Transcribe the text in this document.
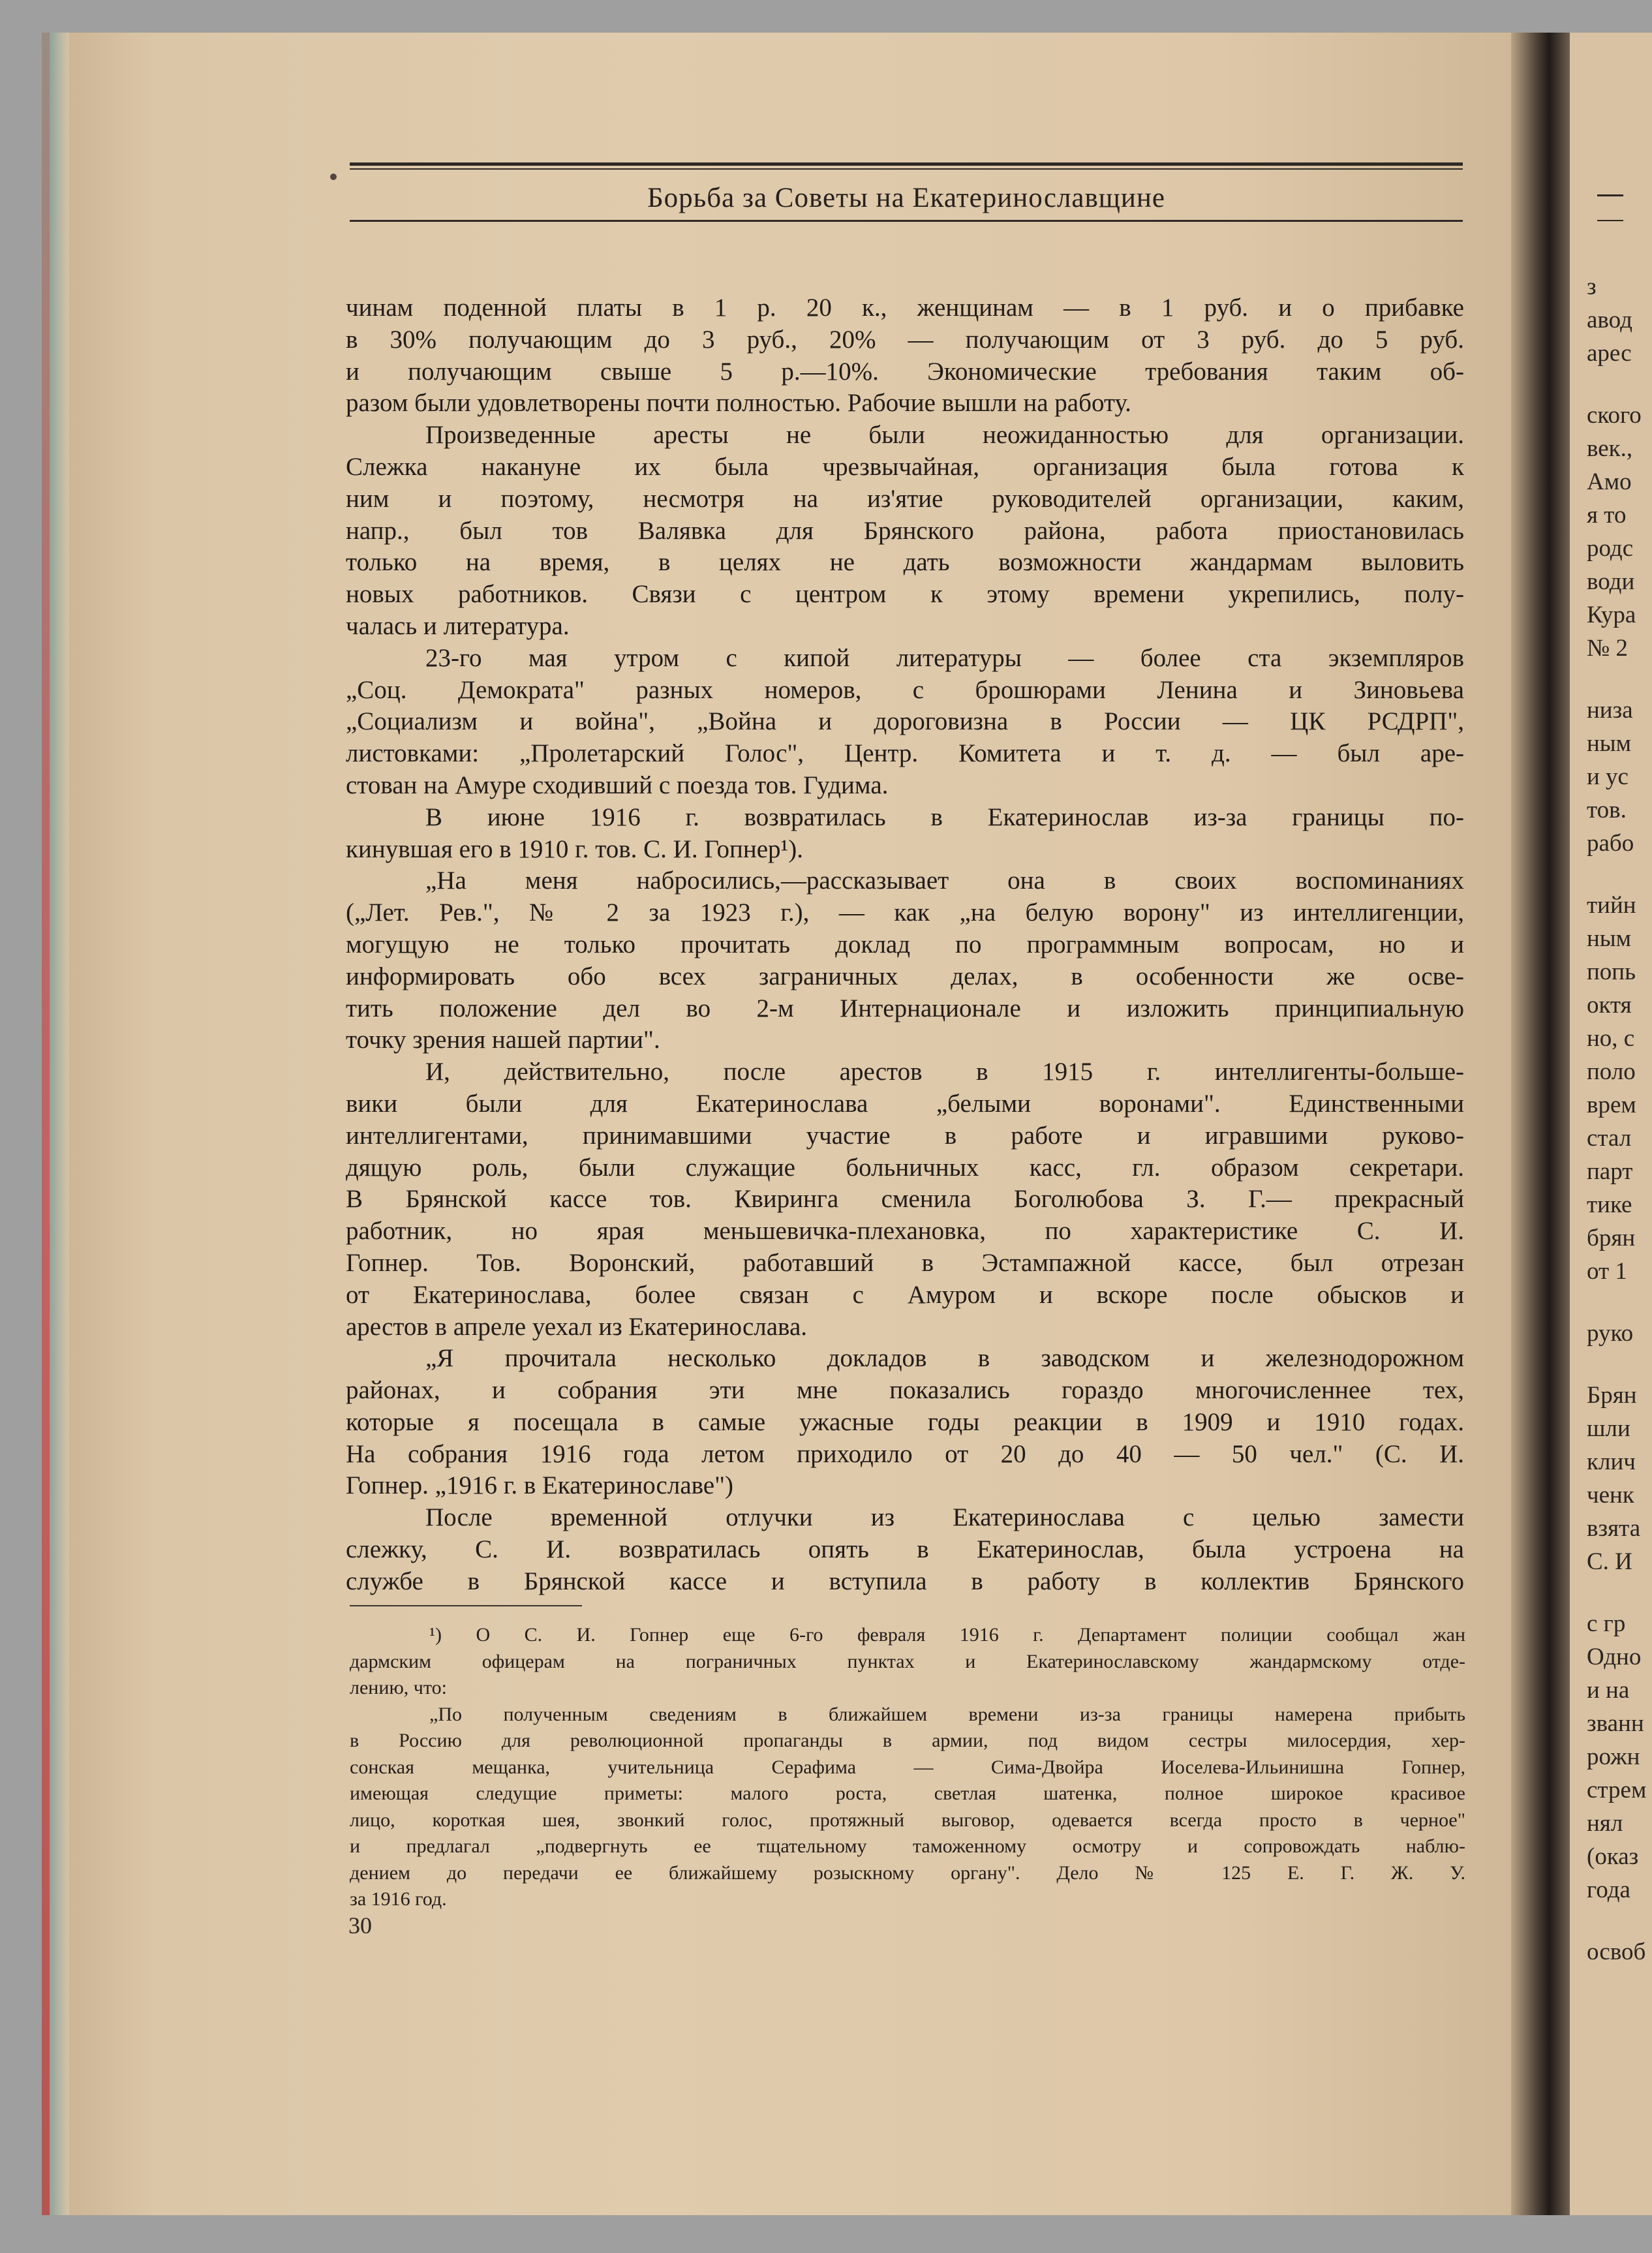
Борьба за Советы на Екатеринославщине
чинам поденной платы в 1 р. 20 к., женщинам — в 1 руб. и о прибавке
в 30% получающим до 3 руб., 20% — получающим от 3 руб. до 5 руб.
и получающим свыше 5 р.—10%. Экономические требования таким об-
разом были удовлетворены почти полностью. Рабочие вышли на работу.
Произведенные аресты не были неожиданностью для организации.
Слежка накануне их была чрезвычайная, организация была готова к
ним и поэтому, несмотря на из'ятие руководителей организации, каким,
напр., был тов Валявка для Брянского района, работа приостановилась
только на время, в целях не дать возможности жандармам выловить
новых работников. Связи с центром к этому времени укрепились, полу-
чалась и литература.
23-го мая утром с кипой литературы — более ста экземпляров
„Соц. Демократа" разных номеров, с брошюрами Ленина и Зиновьева
„Социализм и война", „Война и дороговизна в России — ЦК РСДРП",
листовками: „Пролетарский Голос", Центр. Комитета и т. д. — был аре-
стован на Амуре сходивший с поезда тов. Гудима.
В июне 1916 г. возвратилась в Екатеринослав из-за границы по-
кинувшая его в 1910 г. тов. С. И. Гопнер¹).
„На меня набросились,—рассказывает она в своих воспоминаниях
(„Лет. Рев.", № 2 за 1923 г.), — как „на белую ворону" из интеллигенции,
могущую не только прочитать доклад по программным вопросам, но и
информировать обо всех заграничных делах, в особенности же осве-
тить положение дел во 2-м Интернационале и изложить принципиальную
точку зрения нашей партии".
И, действительно, после арестов в 1915 г. интеллигенты-больше-
вики были для Екатеринослава „белыми воронами". Единственными
интеллигентами, принимавшими участие в работе и игравшими руково-
дящую роль, были служащие больничных касс, гл. образом секретари.
В Брянской кассе тов. Квиринга сменила Боголюбова З. Г.— прекрасный
работник, но ярая меньшевичка-плехановка, по характеристике С. И.
Гопнер. Тов. Воронский, работавший в Эстампажной кассе, был отрезан
от Екатеринослава, более связан с Амуром и вскоре после обысков и
арестов в апреле уехал из Екатеринослава.
„Я прочитала несколько докладов в заводском и железнодорожном
районах, и собрания эти мне показались гораздо многочисленнее тех,
которые я посещала в самые ужасные годы реакции в 1909 и 1910 годах.
На собрания 1916 года летом приходило от 20 до 40 — 50 чел." (С. И.
Гопнер. „1916 г. в Екатеринославе")
После временной отлучки из Екатеринослава с целью замести
слежку, С. И. возвратилась опять в Екатеринослав, была устроена на
службе в Брянской кассе и вступила в работу в коллектив Брянского
¹) О С. И. Гопнер еще 6-го февраля 1916 г. Департамент полиции сообщал жан
дармским офицерам на пограничных пунктах и Екатеринославскому жандармскому отде-
лению, что:
„По полученным сведениям в ближайшем времени из-за границы намерена прибыть
в Россию для революционной пропаганды в армии, под видом сестры милосердия, хер-
сонская мещанка, учительница Серафима — Сима-Двойра Иоселева-Ильинишна Гопнер,
имеющая следущие приметы: малого роста, светлая шатенка, полное широкое красивое
лицо, короткая шея, звонкий голос, протяжный выговор, одевается всегда просто в черное"
и предлагал „подвергнуть ее тщательному таможенному осмотру и сопровождать наблю-
дением до передачи ее ближайшему розыскному органу". Дело № 125 Е. Г. Ж. У.
за 1916 год.
30
з
авод
арес
ского
век.,
Амо
я то
родс
води
Кура
№ 2
низа
ным
и ус
тов.
рабо
тийн
ным
попь
октя
но, с
поло
врем
стал
парт
тике
брян
от 1
руко
Брян
шли
клич
ченк
взята
С. И
с гр
Одно
и на
званн
рожн
стрем
нял
(оказ
года
освоб
